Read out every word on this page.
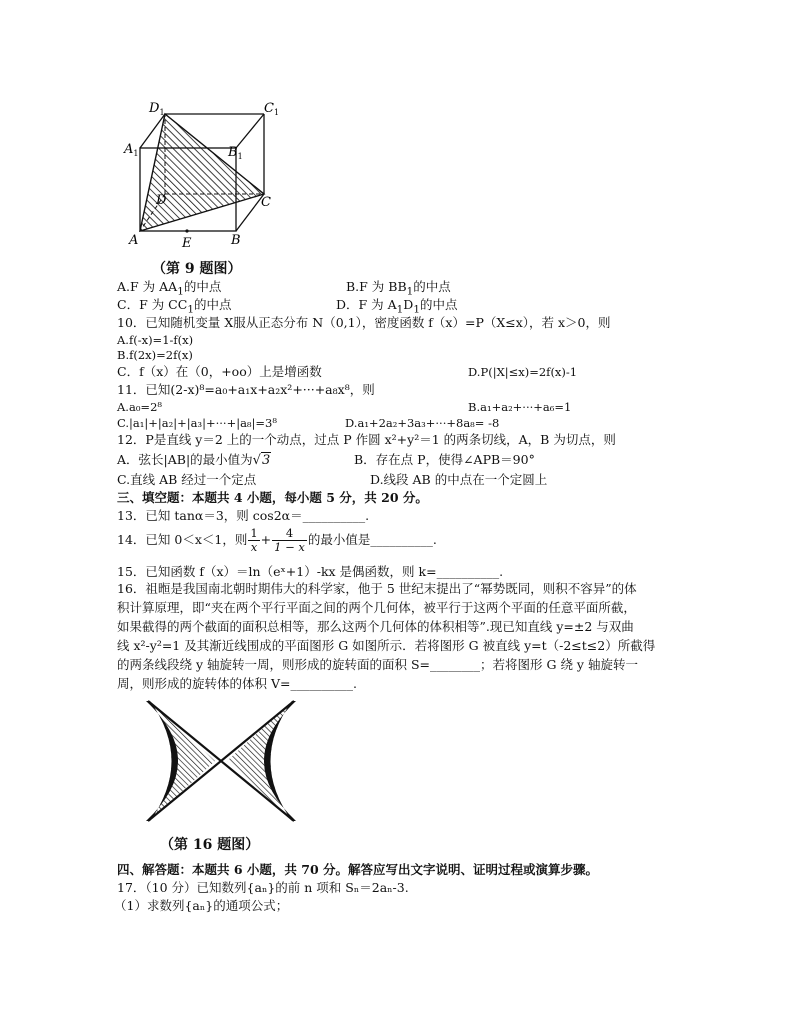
$D_1$	$C_1$
$A_1$	$B_1$
D	C
A	B
E
（第 9 题图）
A.F 为 $AA_1$的中点	B.F 为 $BB_1$的中点
C．F 为 $CC_1$的中点	D．F 为 $A_1D_1$的中点
10．已知随机变量 X服从正态分布 N（0,1），密度函数 f（x）=P（X≤x），若 x＞0，则
A.f(-x)=1-f(x)
B.f(2x)=2f(x)
C．f（x）在（0，+oo）上是增函数	D.P(|X|≤x)=2f(x)-1
11．已知(2-x)⁸=a₀+a₁x+a₂x²+···+a₈x⁸，则
A.a₀=2⁸	B.a₁+a₂+···+a₆=1
C.|a₁|+|a₂|+|a₃|+···+|a₈|=3⁸	D.a₁+2a₂+3a₃+···+8a₈= -8
12．P是直线 y＝2 上的一个动点，过点 P 作圆 x²+y²＝1 的两条切线，A，B 为切点，则
A．弦长|AB|的最小值为√3	B．存在点 P，使得∠APB＝90°
C.直线 AB 经过一个定点	D.线段 AB 的中点在一个定圆上
三、填空题：本题共 4 小题，每小题 5 分，共 20 分。
13．已知 tanα＝3，则 cos2α＝__________.
14．已知 0＜x＜1，则 $\frac{1}{x} + \frac{4}{1 - x}$ 的最小值是__________.
15．已知函数 f（x）＝ln（eˣ+1）-kx 是偶函数，则 k=__________.
16．祖暅是我国南北朝时期伟大的科学家，他于 5 世纪末提出了“幂势既同，则积不容异”的体
积计算原理，即“夹在两个平行平面之间的两个几何体，被平行于这两个平面的任意平面所截，
如果截得的两个截面的面积总相等，那么这两个几何体的体积相等”.现已知直线 y=±2 与双曲
线 x²-y²=1 及其渐近线围成的平面图形 G 如图所示．若将图形 G 被直线 y=t（-2≤t≤2）所截得
的两条线段绕 y 轴旋转一周，则形成的旋转面的面积 S=________；若将图形 G 绕 y 轴旋转一
周，则形成的旋转体的体积 V=__________.
（第 16 题图）
四、解答题：本题共 6 小题，共 70 分。解答应写出文字说明、证明过程或演算步骤。
17．（10 分）已知数列{aₙ}的前 n 项和 Sₙ＝2aₙ-3.
（1）求数列{aₙ}的通项公式；
